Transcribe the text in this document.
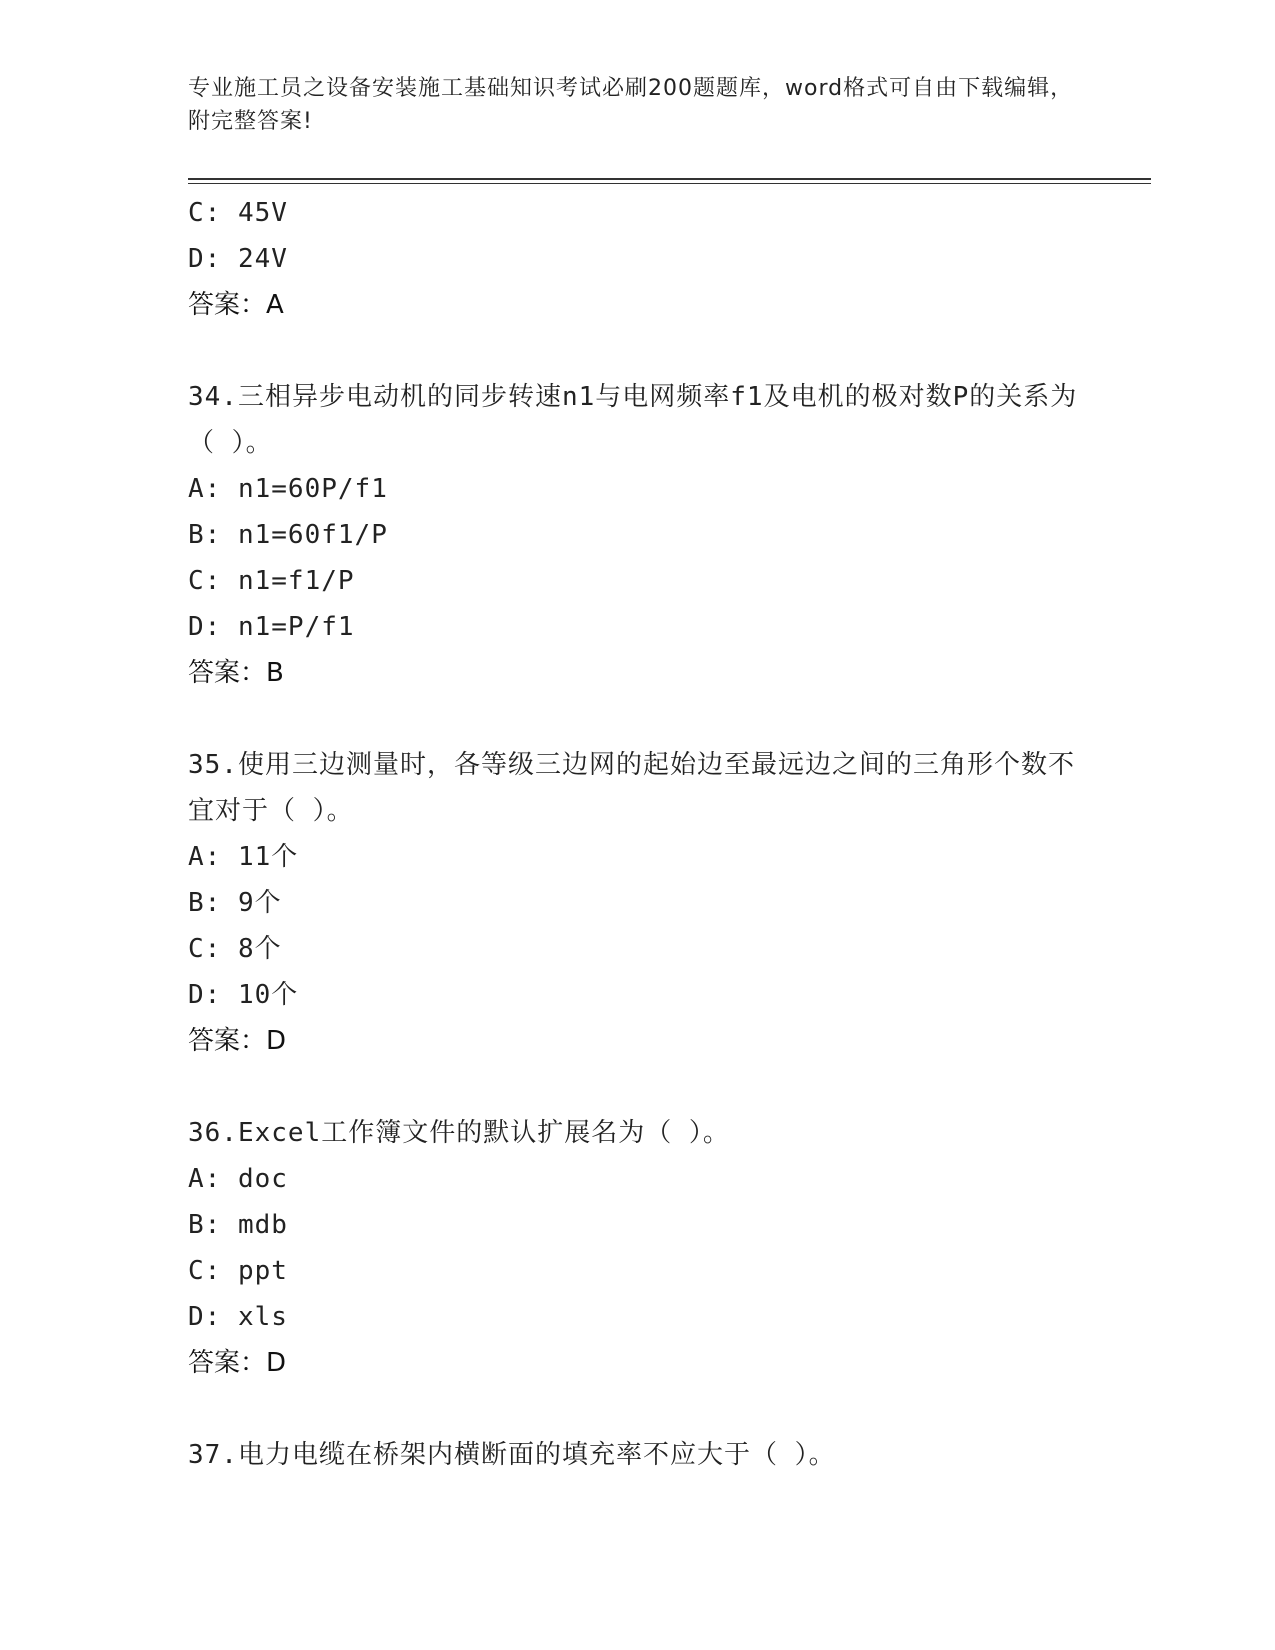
专业施工员之设备安装施工基础知识考试必刷200题题库，word格式可自由下载编辑，附完整答案!
C: 45V
D: 24V
答案：A
34.三相异步电动机的同步转速n1与电网频率f1及电机的极对数P的关系为（ ）。
A: n1=60P/f1
B: n1=60f1/P
C: n1=f1/P
D: n1=P/f1
答案：B
35.使用三边测量时，各等级三边网的起始边至最远边之间的三角形个数不宜对于（ ）。
A: 11个
B: 9个
C: 8个
D: 10个
答案：D
36.Excel工作簿文件的默认扩展名为（ ）。
A: doc
B: mdb
C: ppt
D: xls
答案：D
37.电力电缆在桥架内横断面的填充率不应大于（ ）。
